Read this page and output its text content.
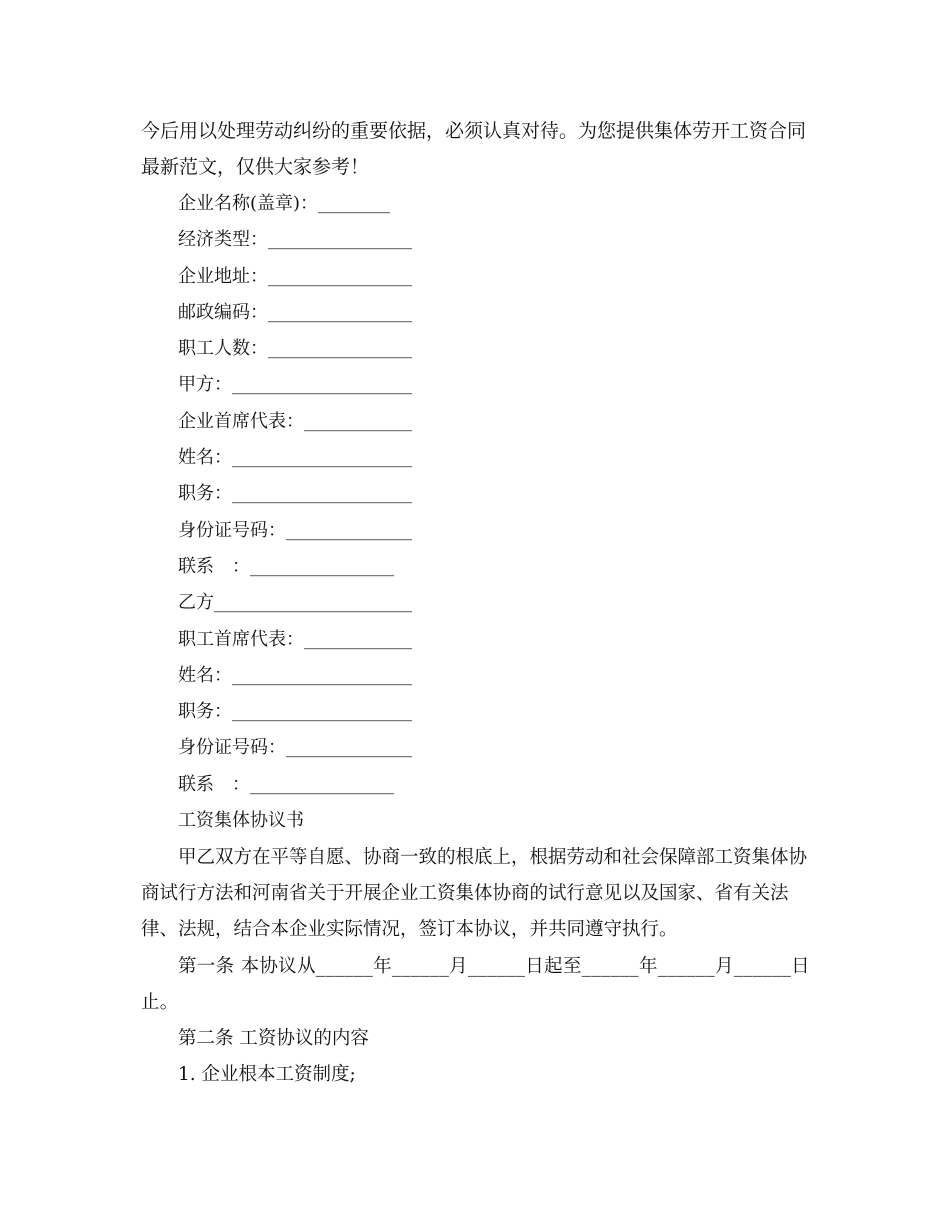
今后用以处理劳动纠纷的重要依据，必须认真对待。为您提供集体劳开工资合同最新范文，仅供大家参考！

企业名称(盖章)：________
经济类型：________________
企业地址：________________
邮政编码：________________
职工人数：________________
甲方：____________________
企业首席代表：____________
姓名：____________________
职务：____________________
身份证号码：______________
联系　：________________
乙方______________________
职工首席代表：____________
姓名：____________________
职务：____________________
身份证号码：______________
联系　：________________

工资集体协议书

甲乙双方在平等自愿、协商一致的根底上，根据劳动和社会保障部工资集体协商试行方法和河南省关于开展企业工资集体协商的试行意见以及国家、省有关法律、法规，结合本企业实际情况，签订本协议，并共同遵守执行。

第一条 本协议从______年______月______日起至______年______月______日止。

第二条 工资协议的内容

1. 企业根本工资制度;
